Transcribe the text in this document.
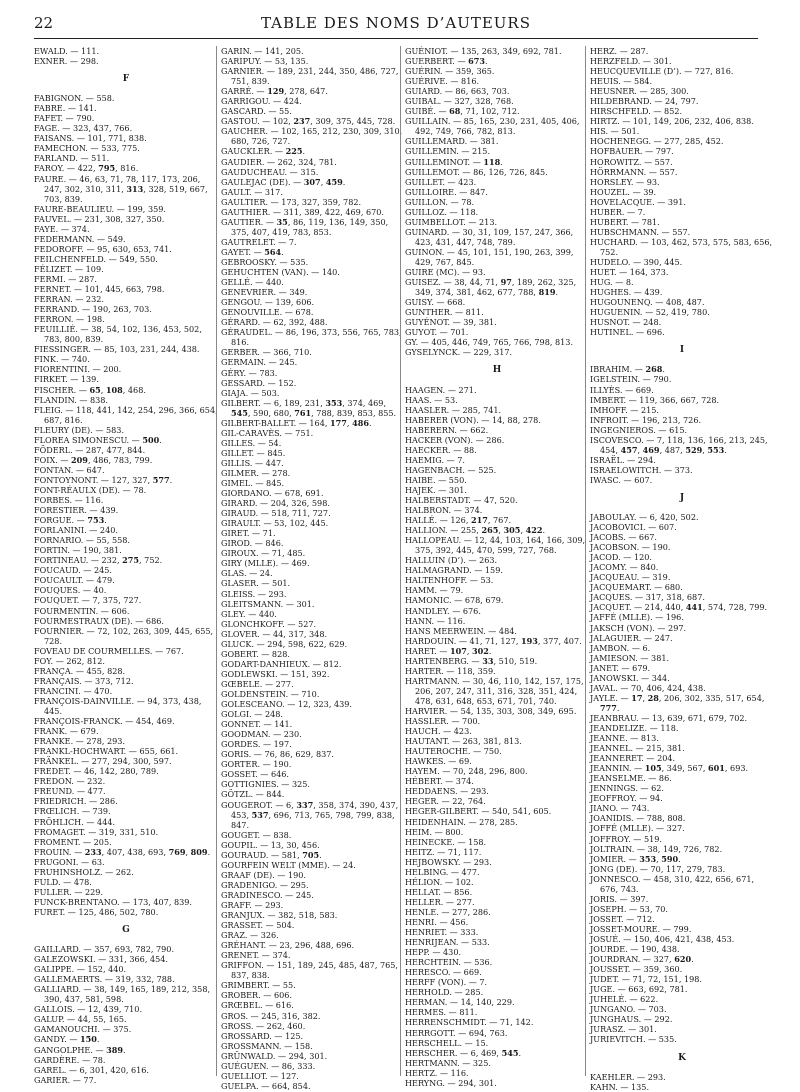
22	TABLE DES NOMS D’AUTEURS

EWALD. — 111.

EXNER. — 298.

F

FABIGNON. — 558.

FABRE. — 141.

FAFET. — 790.

FAGE. — 323, 437, 766.

FAISANS. — 101, 771, 838.

FAMECHON. — 533, 775.

FARLAND. — 511.

FAROY. — 422, 795, 816.

FAURE. — 46, 63, 71, 78, 117, 173, 206, 247, 302, 310, 311, 313, 328, 519, 667, 703, 839.

FAURE-BEAULIEU. — 199, 359.

FAUVEL. — 231, 308, 327, 350.

FAYE. — 374.

FEDERMANN. — 549.

FEDOROFF. — 95, 630, 653, 741.

FEILCHENFELD. — 549, 550.

FÉLIZET. — 109.

FERMI. — 287.

FERNET. — 101, 445, 663, 798.

FERRAN. — 232.

FERRAND. — 190, 263, 703.

FERRON. — 198.

FEUILLIÉ. — 38, 54, 102, 136, 453, 502, 783, 800, 839.

FIESSINGER. — 85, 103, 231, 244, 438.

FINK. — 740.

FIORENTINI. — 200.

FIRKET. — 139.

FISCHER. — 65, 108, 468.

FLANDIN. — 838.

FLEIG. — 118, 441, 142, 254, 296, 366, 654, 687, 816.

FLEURY (DE). — 583.

FLOREA SIMONESCU. — 500.

FÖDERL. — 287, 477, 844.

FOIX. — 209, 486, 783, 799.

FONTAN. — 647.

FONTOYNONT. — 127, 327, 577.

FONT-RÉAULX (DE). — 78.

FORBES. — 116.

FORESTIER. — 439.

FORGUE. — 753.

FORLANINI. — 240.

FORNARIO. — 55, 558.

FORTIN. — 190, 381.

FORTINEAU. — 232, 275, 752.

FOUCAUD. — 245.

FOUCAULT. — 479.

FOUQUES. — 40.

FOUQUET. — 7, 375, 727.

FOURMENTIN. — 606.

FOURMESTRAUX (DE). — 686.

FOURNIER. — 72, 102, 263, 309, 445, 655, 728.

FOVEAU DE COURMELLES. — 767.

FOY. — 262, 812.

FRANÇA. — 455, 828.

FRANÇAIS. — 373, 712.

FRANCINI. — 470.

FRANÇOIS-DAINVILLE. — 94, 373, 438, 445.

FRANÇOIS-FRANCK. — 454, 469.

FRANK. — 679.

FRANKE. — 278, 293.

FRANKL-HOCHWART. — 655, 661.

FRÄNKEL. — 277, 294, 300, 597.

FREDET. — 46, 142, 280, 789.

FREDON. — 232.

FREUND. — 477.

FRIEDRICH. — 286.

FRŒLICH. — 739.

FRÖHLICH. — 444.

FROMAGET. — 319, 331, 510.

FROMENT. — 205.

FROUIN. — 233, 407, 438, 693, 769, 809.

FRUGONI. — 63.

FRUHINSHOLZ. — 262.

FULD. — 478.

FULLER. — 229.

FUNCK-BRENTANO. — 173, 407, 839.

FURET. — 125, 486, 502, 780.

G

GAILLARD. — 357, 693, 782, 790.

GALEZOWSKI. — 331, 366, 454.

GALIPPE. — 152, 440.

GALLEMAERTS. — 319, 332, 788.

GALLIARD. — 38, 149, 165, 189, 212, 358, 390, 437, 581, 598.

GALLOIS. — 12, 439, 710.

GALUP. — 44, 55, 165.

GAMANOUCHI. — 375.

GANDY. — 150.

GANGOLPHE. — 389.

GARDÈRE. — 78.

GAREL. — 6, 301, 420, 616.

GARIER. — 77.

GARIN. — 141, 205.

GARIPUY. — 53, 135.

GARNIER. — 189, 231, 244, 350, 486, 727, 751, 839.

GARRÉ. — 129, 278, 647.

GARRIGOU. — 424.

GASCARD. — 55.

GASTOU. — 102, 237, 309, 375, 445, 728.

GAUCHER. — 102, 165, 212, 230, 309, 310, 680, 726, 727.

GAUCKLER. — 225.

GAUDIER. — 262, 324, 781.

GAUDUCHEAU. — 315.

GAULEJAC (DE). — 307, 459.

GAULT. — 317.

GAULTIER. — 173, 327, 359, 782.

GAUTHIER. — 311, 389, 422, 469, 670.

GAUTIER. — 35, 86, 119, 136, 149, 350, 375, 407, 419, 783, 853.

GAUTRELET. — 7.

GAYET. — 564.

GEBROOSKY. — 535.

GEHUCHTEN (VAN). — 140.

GELLÉ. — 440.

GENEVRIER. — 349.

GENGOU. — 139, 606.

GENOUVILLE. — 678.

GÉRARD. — 62, 392, 488.

GÉRAUDEL. — 86, 196, 373, 556, 765, 783, 816.

GERBER. — 366, 710.

GERMAIN. — 245.

GÉRY. — 783.

GESSARD. — 152.

GIAJA. — 503.

GILBERT. — 6, 189, 231, 353, 374, 469, 545, 590, 680, 761, 788, 839, 853, 855.

GILBERT-BALLET. — 164, 177, 486.

GIL-CARAVÈS. — 751.

GILLES. — 54.

GILLET. — 845.

GILLIS. — 447.

GILMER. — 278.

GIMEL. — 845.

GIORDANO. — 678, 691.

GIRARD. — 204, 326, 598.

GIRAUD. — 518, 711, 727.

GIRAULT. — 53, 102, 445.

GIRET. — 71.

GIROD. — 846.

GIROUX. — 71, 485.

GIRY (MLLE). — 469.

GLAS. — 24.

GLASER. — 501.

GLEISS. — 293.

GLEITSMANN. — 301.

GLEY. — 440.

GLONCHKOFF. — 527.

GLOVER. — 44, 317, 348.

GLUCK. — 294, 598, 622, 629.

GOBERT. — 828.

GODART-DANHIEUX. — 812.

GODLEWSKI. — 151, 392.

GŒBELE. — 277.

GOLDENSTEIN. — 710.

GOLESCEANO. — 12, 323, 439.

GOLGI. — 248.

GONNET. — 141.

GOODMAN. — 230.

GORDES. — 197.

GORIS. — 76, 86, 629, 837.

GORTER. — 190.

GOSSET. — 646.

GOTTIGNIES. — 325.

GÖTZL. — 844.

GOUGEROT. — 6, 337, 358, 374, 390, 437, 453, 537, 696, 713, 765, 798, 799, 838, 847.

GOUGET. — 838.

GOUPIL. — 13, 30, 456.

GOURAUD. — 581, 705.

GOURFEIN WELT (MME). — 24.

GRAAF (DE). — 190.

GRADENIGO. — 295.

GRADINESCO. — 245.

GRAFF. — 293.

GRANJUX. — 382, 518, 583.

GRASSET. — 504.

GRAZ. — 326.

GRÉHANT. — 23, 296, 488, 696.

GRENET. — 374.

GRIFFON. — 151, 189, 245, 485, 487, 765, 837, 838.

GRIMBERT. — 55.

GROBER. — 606.

GRŒBEL. — 616.

GROS. — 245, 316, 382.

GROSS. — 262, 460.

GROSSARD. — 125.

GROSSMANN. — 158.

GRÜNWALD. — 294, 301.

GUÉGUEN. — 86, 333.

GUELLIOT. — 127.

GUELPA. — 664, 854.

GUÉNIOT. — 135, 263, 349, 692, 781.

GUERBERT. — 673.

GUÉRIN. — 359, 365.

GUÉRIVE. — 816.

GUIARD. — 86, 663, 703.

GUIBAL. — 327, 328, 768.

GUIBÉ. — 68, 71, 102, 712.

GUILLAIN. — 85, 165, 230, 231, 405, 406, 492, 749, 766, 782, 813.

GUILLEMARD. — 381.

GUILLEMIN. — 215.

GUILLEMINOT. — 118.

GUILLEMOT. — 86, 126, 726, 845.

GUILLET. — 423.

GUILLOIRE. — 847.

GUILLON. — 78.

GUILLOZ. — 118.

GUIMBELLOT. — 213.

GUINARD. — 30, 31, 109, 157, 247, 366, 423, 431, 447, 748, 789.

GUINON. — 45, 101, 151, 190, 263, 399, 429, 767, 845.

GUIRE (MC). — 93.

GUISEZ. — 38, 44, 71, 97, 189, 262, 325, 349, 374, 381, 462, 677, 788, 819.

GUISY. — 668.

GUNTHER. — 811.

GUYÉNOT. — 39, 381.

GUYOT. — 701.

GY. — 405, 446, 749, 765, 766, 798, 813.

GYSELYNCK. — 229, 317.

H

HAAGEN. — 271.

HAAS. — 53.

HAASLER. — 285, 741.

HABERER (VON). — 14, 88, 278.

HABERERN. — 662.

HACKER (VON). — 286.

HAECKER. — 88.

HAEMIG. — 7.

HAGENBACH. — 525.

HAIBE. — 550.

HAJEK. — 301.

HALBERSTADT. — 47, 520.

HALBRON. — 374.

HALLÉ. — 126, 217, 767.

HALLION. — 255, 265, 305, 422.

HALLOPEAU. — 12, 44, 103, 164, 166, 309, 375, 392, 445, 470, 599, 727, 768.

HALLUIN (D’). — 263.

HALMAGRAND. — 159.

HALTENHOFF. — 53.

HAMM. — 79.

HAMONIC. — 678, 679.

HANDLEY. — 676.

HANN. — 116.

HANS MEERWEIN. — 484.

HARDOUIN. — 41, 71, 127, 193, 377, 407.

HARET. — 107, 302.

HARTENBERG. — 33, 510, 519.

HARTER. — 118, 359.

HARTMANN. — 30, 46, 110, 142, 157, 175, 206, 207, 247, 311, 316, 328, 351, 424, 478, 631, 648, 653, 671, 701, 740.

HARVIER. — 54, 135, 303, 308, 349, 695.

HASSLER. — 700.

HAUCH. — 423.

HAUTANT. — 263, 381, 813.

HAUTEROCHE. — 750.

HAWKES. — 69.

HAYEM. — 70, 248, 296, 800.

HÉBERT. — 374.

HEDDAENS. — 293.

HEGER. — 22, 764.

HEGER-GILBERT. — 540, 541, 605.

HEIDENHAIN. — 278, 285.

HEIM. — 800.

HEINECKE. — 158.

HEITZ. — 71, 117.

HEJBOWSKY. — 293.

HELBING. — 477.

HÉLION. — 102.

HELLAT. — 856.

HELLER. — 277.

HENLE. — 277, 286.

HENRI. — 456.

HENRIET. — 333.

HENRIJEAN. — 533.

HEPP. — 430.

HERCHTEIN. — 536.

HERESCO. — 669.

HERFF (VON). — 7.

HERHOLD. — 285.

HERMAN. — 14, 140, 229.

HERMES. — 811.

HERRENSCHMIDT. — 71, 142.

HERRGOTT. — 694, 763.

HERSCHELL. — 15.

HERSCHER. — 6, 469, 545.

HERTMANN. — 325.

HERTZ. — 116.

HERYNG. — 294, 301.

HERZ. — 287.

HERZFELD. — 301.

HEUCQUEVILLE (D’). — 727, 816.

HEUIS. — 584.

HEUSNER. — 285, 300.

HILDEBRAND. — 24, 797.

HIRSCHFELD. — 852.

HIRTZ. — 101, 149, 206, 232, 406, 838.

HIS. — 501.

HOCHENEGG. — 277, 285, 452.

HOFBAUER. — 797.

HOROWITZ. — 557.

HÖRRMANN. — 557.

HORSLEY. — 93.

HOUZEL. — 39.

HOVELACQUE. — 391.

HUBER. — 7.

HUBERT. — 781.

HUBSCHMANN. — 557.

HUCHARD. — 103, 462, 573, 575, 583, 656, 752.

HUDELO. — 390, 445.

HUET. — 164, 373.

HUG. — 8.

HUGHES. — 439.

HUGOUNENQ. — 408, 487.

HUGUENIN. — 52, 419, 780.

HUSNOT. — 248.

HUTINEL. — 696.

I

IBRAHIM. — 268.

IGELSTEIN. — 790.

ILLYÈS. — 669.

IMBERT. — 119, 366, 667, 728.

IMHOFF. — 215.

INFROIT. — 196, 213, 726.

INGEGNIEROS. — 615.

ISCOVESCO. — 7, 118, 136, 166, 213, 245, 454, 457, 469, 487, 529, 553.

ISRAËL. — 294.

ISRAELOWITCH. — 373.

IWASC. — 607.

J

JABOULAY. — 6, 420, 502.

JACOBOVICI. — 607.

JACOBS. — 667.

JACOBSON. — 190.

JACOD. — 120.

JACOMY. — 840.

JACQUEAU. — 319.

JACQUEMART. — 680.

JACQUES. — 317, 318, 687.

JACQUET. — 214, 440, 441, 574, 728, 799.

JAFFÉ (MLLE). — 196.

JAKSCH (VON). — 297.

JALAGUIER. — 247.

JAMBON. — 6.

JAMIESON. — 381.

JANET. — 679.

JANOWSKI. — 344.

JAVAL. — 70, 406, 424, 438.

JAYLE. — 17, 28, 206, 302, 335, 517, 654, 777.

JEANBRAU. — 13, 639, 671, 679, 702.

JEANDELIZE. — 118.

JEANNE. — 813.

JEANNEL. — 215, 381.

JEANNERET. — 204.

JEANNIN. — 105, 349, 567, 601, 693.

JEANSELME. — 86.

JENNINGS. — 62.

JEOFFROY. — 94.

JIANO. — 743.

JOANIDIS. — 788, 808.

JOFFÉ (MLLE). — 327.

JOFFROY. — 519.

JOLTRAIN. — 38, 149, 726, 782.

JOMIER. — 353, 590.

JONG (DE). — 70, 117, 279, 783.

JONNESCO. — 458, 310, 422, 656, 671, 676, 743.

JORIS. — 397.

JOSEPH. — 53, 70.

JOSSET. — 712.

JOSSET-MOURE. — 799.

JOSUÉ. — 150, 406, 421, 438, 453.

JOURDE. — 190, 438.

JOURDRAN. — 327, 620.

JOUSSET. — 359, 360.

JUDET. — 71, 72, 151, 198.

JUGE. — 663, 692, 781.

JUHELÉ. — 622.

JUNGANO. — 703.

JUNGHAUS. — 292.

JURASZ. — 301.

JURIEVITCH. — 535.

K

KAEHLER. — 293.

KAHN. — 135.
